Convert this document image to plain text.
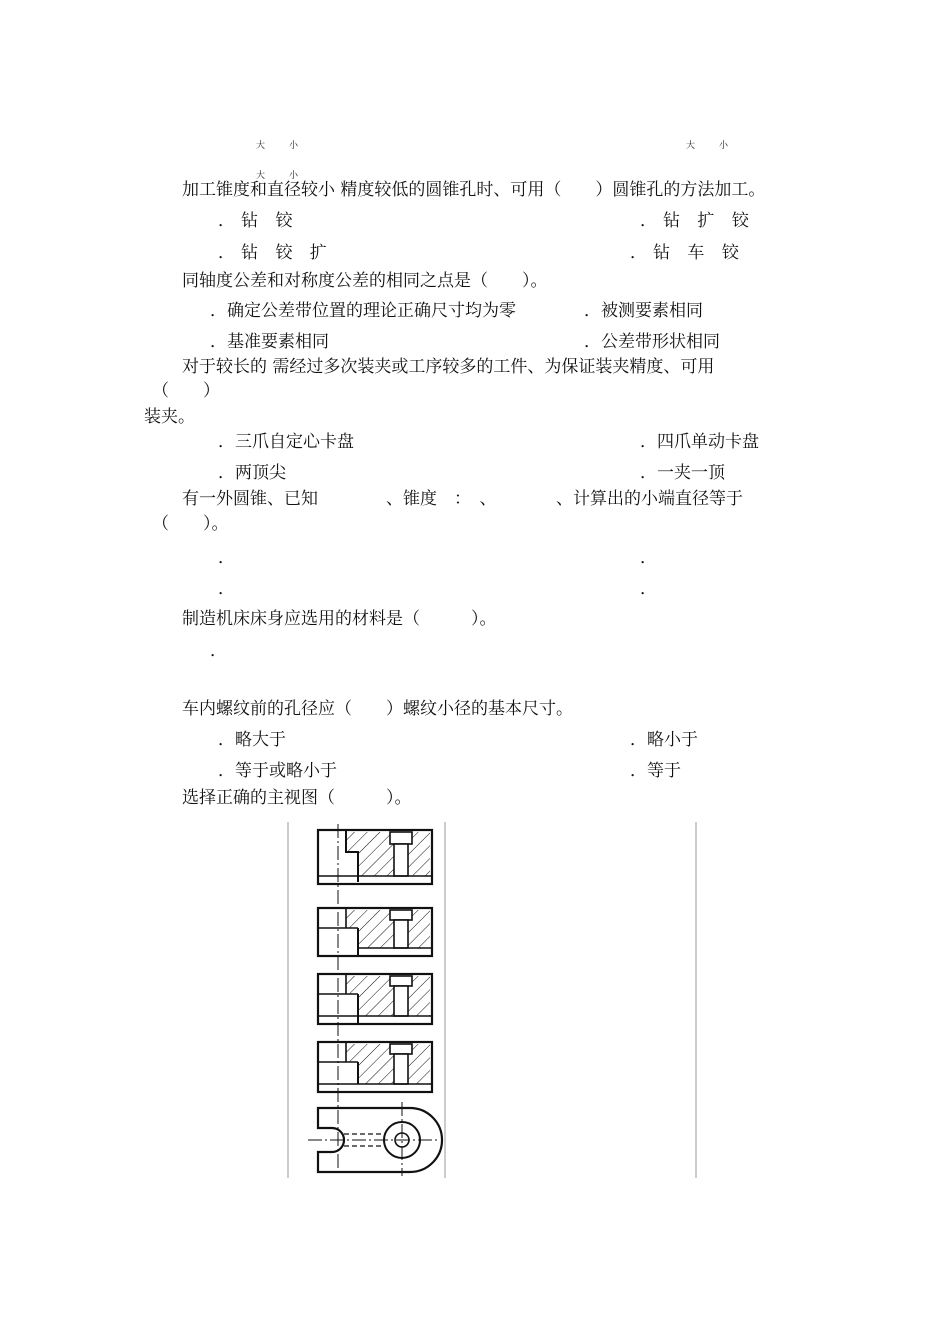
大	小	大	小
大	小
加工锥度和直径较小 精度较低的圆锥孔时、可用（　　）圆锥孔的方法加工。
．钻 铰	．钻 扩 铰
．钻 铰 扩	．钻 车 铰
同轴度公差和对称度公差的相同之点是（　　）。
．确定公差带位置的理论正确尺寸均为零	．被测要素相同
．基准要素相同	．公差带形状相同
对于较长的 需经过多次装夹或工序较多的工件、为保证装夹精度、可用
（　　）
装夹。
．三爪自定心卡盘	．四爪单动卡盘
．两顶尖	．一夹一顶
有一外圆锥、已知　　　　、锥度　：　、　　　　、计算出的小端直径等于
（　　）。
．	．
．	．
制造机床床身应选用的材料是（　　　）。
．
车内螺纹前的孔径应（　　）螺纹小径的基本尺寸。
．略大于	．略小于
．等于或略小于	．等于
选择正确的主视图（　　　）。
